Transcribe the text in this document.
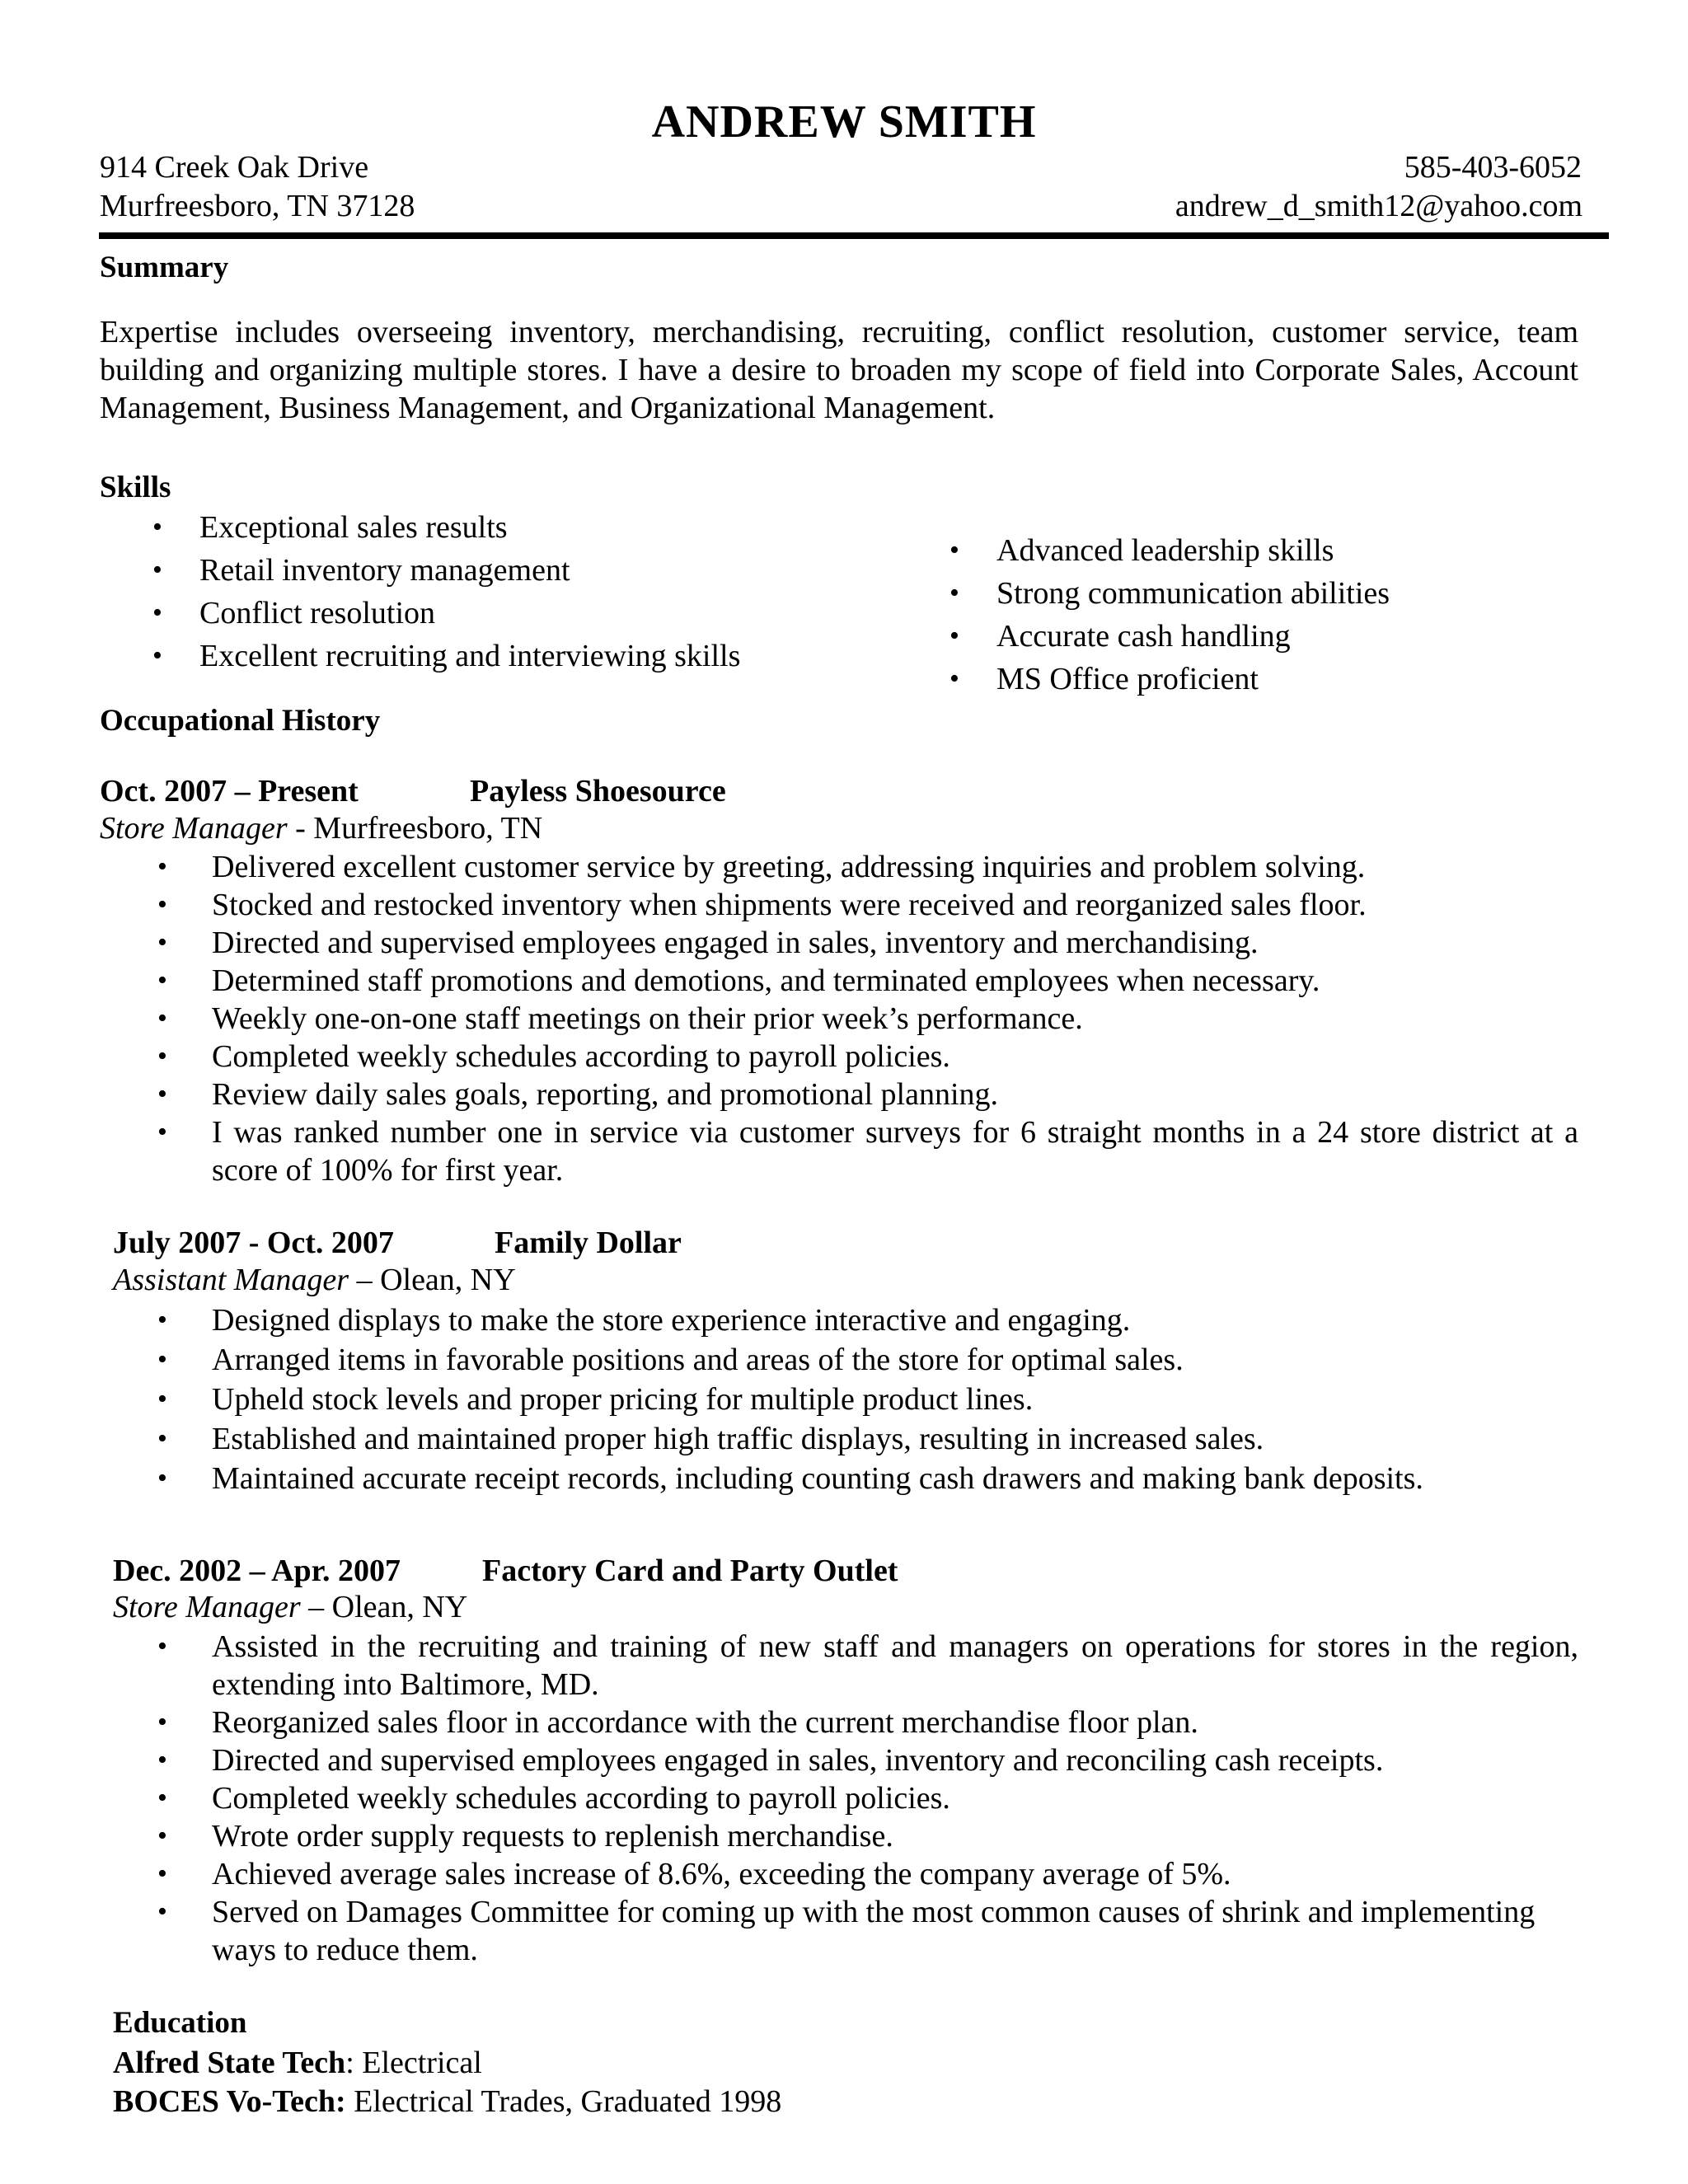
ANDREW SMITH
914 Creek Oak Drive
Murfreesboro, TN 37128
585-403-6052
andrew_d_smith12@yahoo.com
Summary
Expertise includes overseeing inventory, merchandising, recruiting, conflict resolution, customer service, team building and organizing multiple stores. I have a desire to broaden my scope of field into Corporate Sales, Account Management, Business Management, and Organizational Management.
Skills
• Exceptional sales results
• Retail inventory management
• Conflict resolution
• Excellent recruiting and interviewing skills
• Advanced leadership skills
• Strong communication abilities
• Accurate cash handling
• MS Office proficient
Occupational History
Oct. 2007 – Present	Payless Shoesource
Store Manager - Murfreesboro, TN
• Delivered excellent customer service by greeting, addressing inquiries and problem solving.
• Stocked and restocked inventory when shipments were received and reorganized sales floor.
• Directed and supervised employees engaged in sales, inventory and merchandising.
• Determined staff promotions and demotions, and terminated employees when necessary.
• Weekly one-on-one staff meetings on their prior week’s performance.
• Completed weekly schedules according to payroll policies.
• Review daily sales goals, reporting, and promotional planning.
• I was ranked number one in service via customer surveys for 6 straight months in a 24 store district at a score of 100% for first year.
July 2007 - Oct. 2007	Family Dollar
Assistant Manager – Olean, NY
• Designed displays to make the store experience interactive and engaging.
• Arranged items in favorable positions and areas of the store for optimal sales.
• Upheld stock levels and proper pricing for multiple product lines.
• Established and maintained proper high traffic displays, resulting in increased sales.
• Maintained accurate receipt records, including counting cash drawers and making bank deposits.
Dec. 2002 – Apr. 2007	Factory Card and Party Outlet
Store Manager – Olean, NY
• Assisted in the recruiting and training of new staff and managers on operations for stores in the region, extending into Baltimore, MD.
• Reorganized sales floor in accordance with the current merchandise floor plan.
• Directed and supervised employees engaged in sales, inventory and reconciling cash receipts.
• Completed weekly schedules according to payroll policies.
• Wrote order supply requests to replenish merchandise.
• Achieved average sales increase of 8.6%, exceeding the company average of 5%.
• Served on Damages Committee for coming up with the most common causes of shrink and implementing ways to reduce them.
Education
Alfred State Tech: Electrical
BOCES Vo-Tech: Electrical Trades, Graduated 1998
